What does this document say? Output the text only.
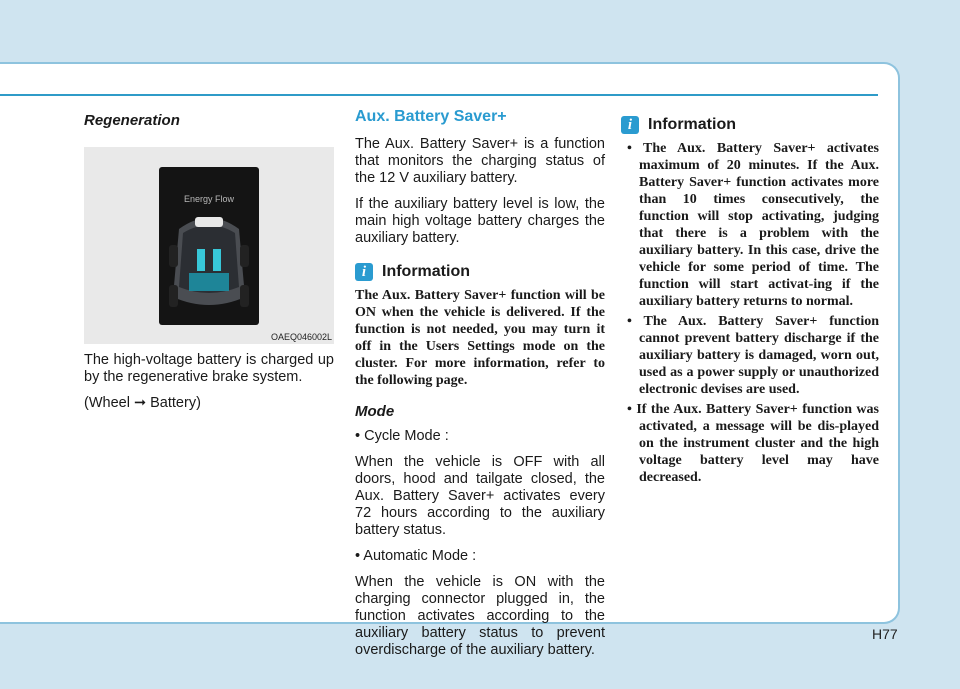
Regeneration
Energy Flow
OAEQ046002L

The high-voltage battery is charged up by the regenerative brake system.

(Wheel ➞ Battery)

Aux. Battery Saver+

The Aux. Battery Saver+ is a function that monitors the charging status of the 12 V auxiliary battery.

If the auxiliary battery level is low, the main high voltage battery charges the auxiliary battery.

i Information

The Aux. Battery Saver+ function will be ON when the vehicle is delivered. If the function is not needed, you may turn it off in the Users Settings mode on the cluster. For more information, refer to the following page.

Mode

• Cycle Mode :

When the vehicle is OFF with all doors, hood and tailgate closed, the Aux. Battery Saver+ activates every 72 hours according to the auxiliary battery status.

• Automatic Mode :

When the vehicle is ON with the charging connector plugged in, the function activates according to the auxiliary battery status to prevent overdischarge of the auxiliary battery.

i Information

• The Aux. Battery Saver+ activates maximum of 20 minutes. If the Aux. Battery Saver+ function activates more than 10 times consecutively, the function will stop activating, judging that there is a problem with the auxiliary battery. In this case, drive the vehicle for some period of time. The function will start activat-ing if the auxiliary battery returns to normal.

• The Aux. Battery Saver+ function cannot prevent battery discharge if the auxiliary battery is damaged, worn out, used as a power supply or unauthorized electronic devises are used.

• If the Aux. Battery Saver+ function was activated, a message will be dis-played on the instrument cluster and the high voltage battery level may have decreased.

H77
